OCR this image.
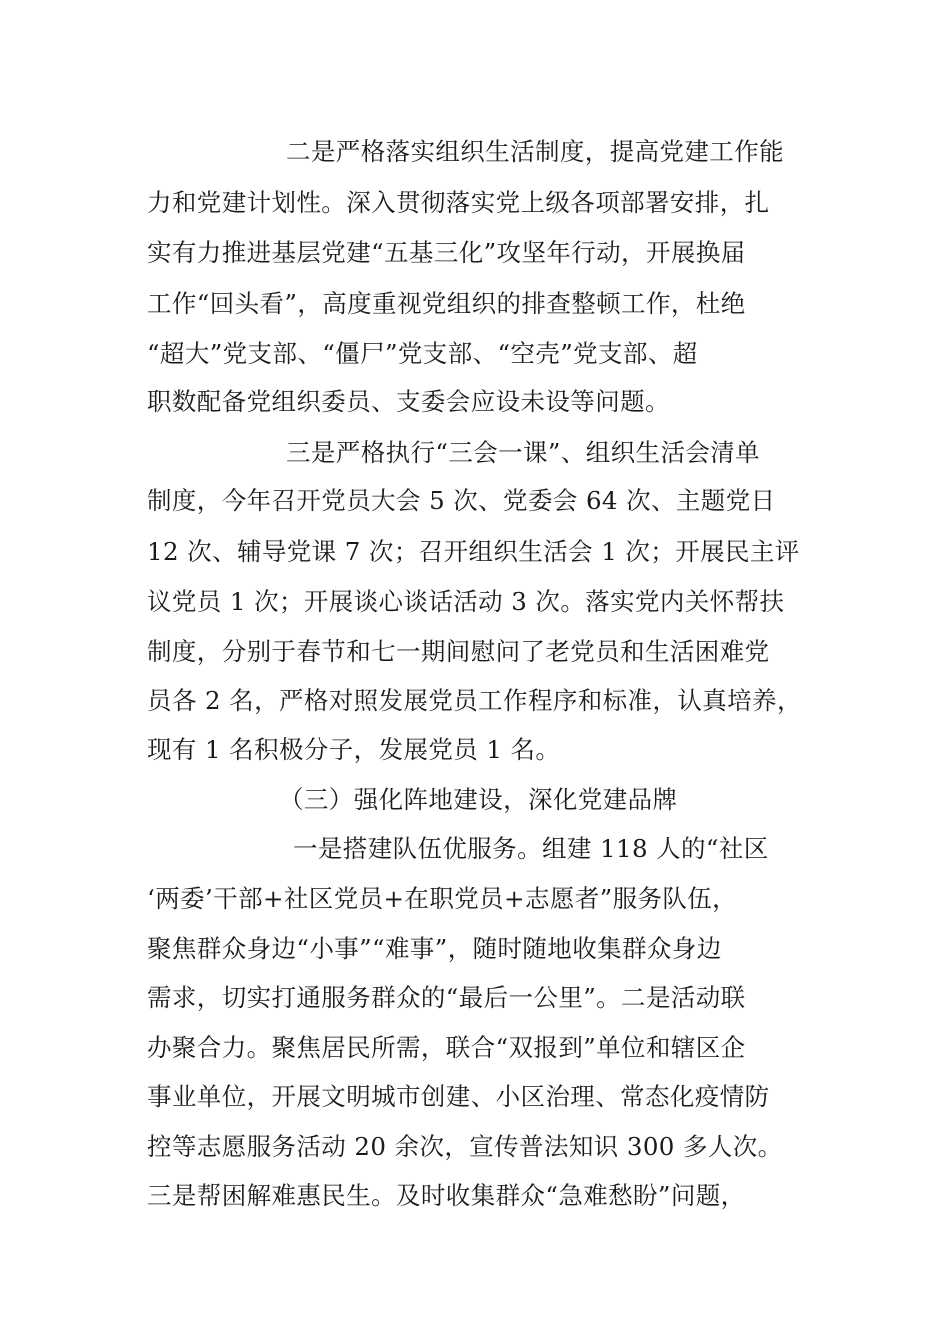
二是严格落实组织生活制度，提高党建工作能
力和党建计划性。深入贯彻落实党上级各项部署安排，扎
实有力推进基层党建“五基三化”攻坚年行动，开展换届
工作“回头看”，高度重视党组织的排查整顿工作，杜绝
“超大”党支部、“僵尸”党支部、“空壳”党支部、超
职数配备党组织委员、支委会应设未设等问题。
三是严格执行“三会一课”、组织生活会清单
制度，今年召开党员大会 5 次、党委会 64 次、主题党日
12 次、辅导党课 7 次；召开组织生活会 1 次；开展民主评
议党员 1 次；开展谈心谈话活动 3 次。落实党内关怀帮扶
制度，分别于春节和七一期间慰问了老党员和生活困难党
员各 2 名，严格对照发展党员工作程序和标准，认真培养，
现有 1 名积极分子，发展党员 1 名。
（三）强化阵地建设，深化党建品牌
一是搭建队伍优服务。组建 118 人的“社区
‘两委’干部+社区党员+在职党员+志愿者”服务队伍，
聚焦群众身边“小事”“难事”，随时随地收集群众身边
需求，切实打通服务群众的“最后一公里”。二是活动联
办聚合力。聚焦居民所需，联合“双报到”单位和辖区企
事业单位，开展文明城市创建、小区治理、常态化疫情防
控等志愿服务活动 20 余次，宣传普法知识 300 多人次。
三是帮困解难惠民生。及时收集群众“急难愁盼”问题，
